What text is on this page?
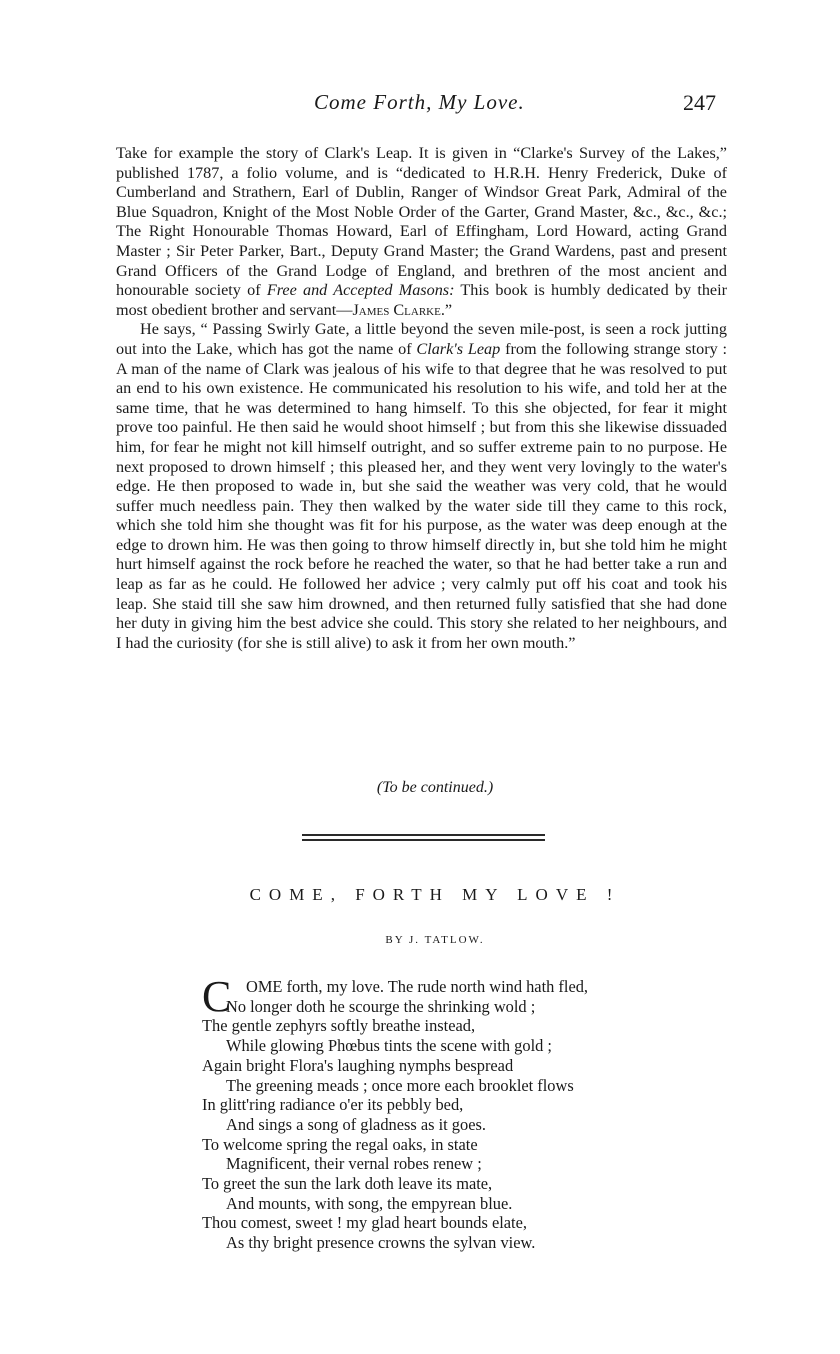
Come Forth, My Love.	247

Take for example the story of Clark's Leap. It is given in “Clarke's Survey of the Lakes,” published 1787, a folio volume, and is “dedicated to H.R.H. Henry Frederick, Duke of Cumberland and Strathern, Earl of Dublin, Ranger of Windsor Great Park, Admiral of the Blue Squadron, Knight of the Most Noble Order of the Garter, Grand Master, &c., &c., &c.; The Right Honourable Thomas Howard, Earl of Effingham, Lord Howard, acting Grand Master ; Sir Peter Parker, Bart., Deputy Grand Master; the Grand Wardens, past and present Grand Officers of the Grand Lodge of England, and brethren of the most ancient and honourable society of Free and Accepted Masons: This book is humbly dedicated by their most obedient brother and servant—James Clarke.”

He says, “ Passing Swirly Gate, a little beyond the seven mile-post, is seen a rock jutting out into the Lake, which has got the name of Clark's Leap from the following strange story : A man of the name of Clark was jealous of his wife to that degree that he was resolved to put an end to his own existence. He communicated his resolution to his wife, and told her at the same time, that he was determined to hang himself. To this she objected, for fear it might prove too painful. He then said he would shoot himself ; but from this she likewise dissuaded him, for fear he might not kill himself outright, and so suffer extreme pain to no purpose. He next proposed to drown himself ; this pleased her, and they went very lovingly to the water's edge. He then proposed to wade in, but she said the weather was very cold, that he would suffer much needless pain. They then walked by the water side till they came to this rock, which she told him she thought was fit for his purpose, as the water was deep enough at the edge to drown him. He was then going to throw himself directly in, but she told him he might hurt himself against the rock before he reached the water, so that he had better take a run and leap as far as he could. He followed her advice ; very calmly put off his coat and took his leap. She staid till she saw him drowned, and then returned fully satisfied that she had done her duty in giving him the best advice she could. This story she related to her neighbours, and I had the curiosity (for she is still alive) to ask it from her own mouth.”

(To be continued.)
COME, FORTH MY LOVE !
BY J. TATLOW.
C OME forth, my love. The rude north wind hath fled,
No longer doth he scourge the shrinking wold ;
The gentle zephyrs softly breathe instead,
While glowing Phœbus tints the scene with gold ;
Again bright Flora's laughing nymphs bespread
The greening meads ; once more each brooklet flows
In glitt'ring radiance o'er its pebbly bed,
And sings a song of gladness as it goes.
To welcome spring the regal oaks, in state
Magnificent, their vernal robes renew ;
To greet the sun the lark doth leave its mate,
And mounts, with song, the empyrean blue.
Thou comest, sweet ! my glad heart bounds elate,
As thy bright presence crowns the sylvan view.
